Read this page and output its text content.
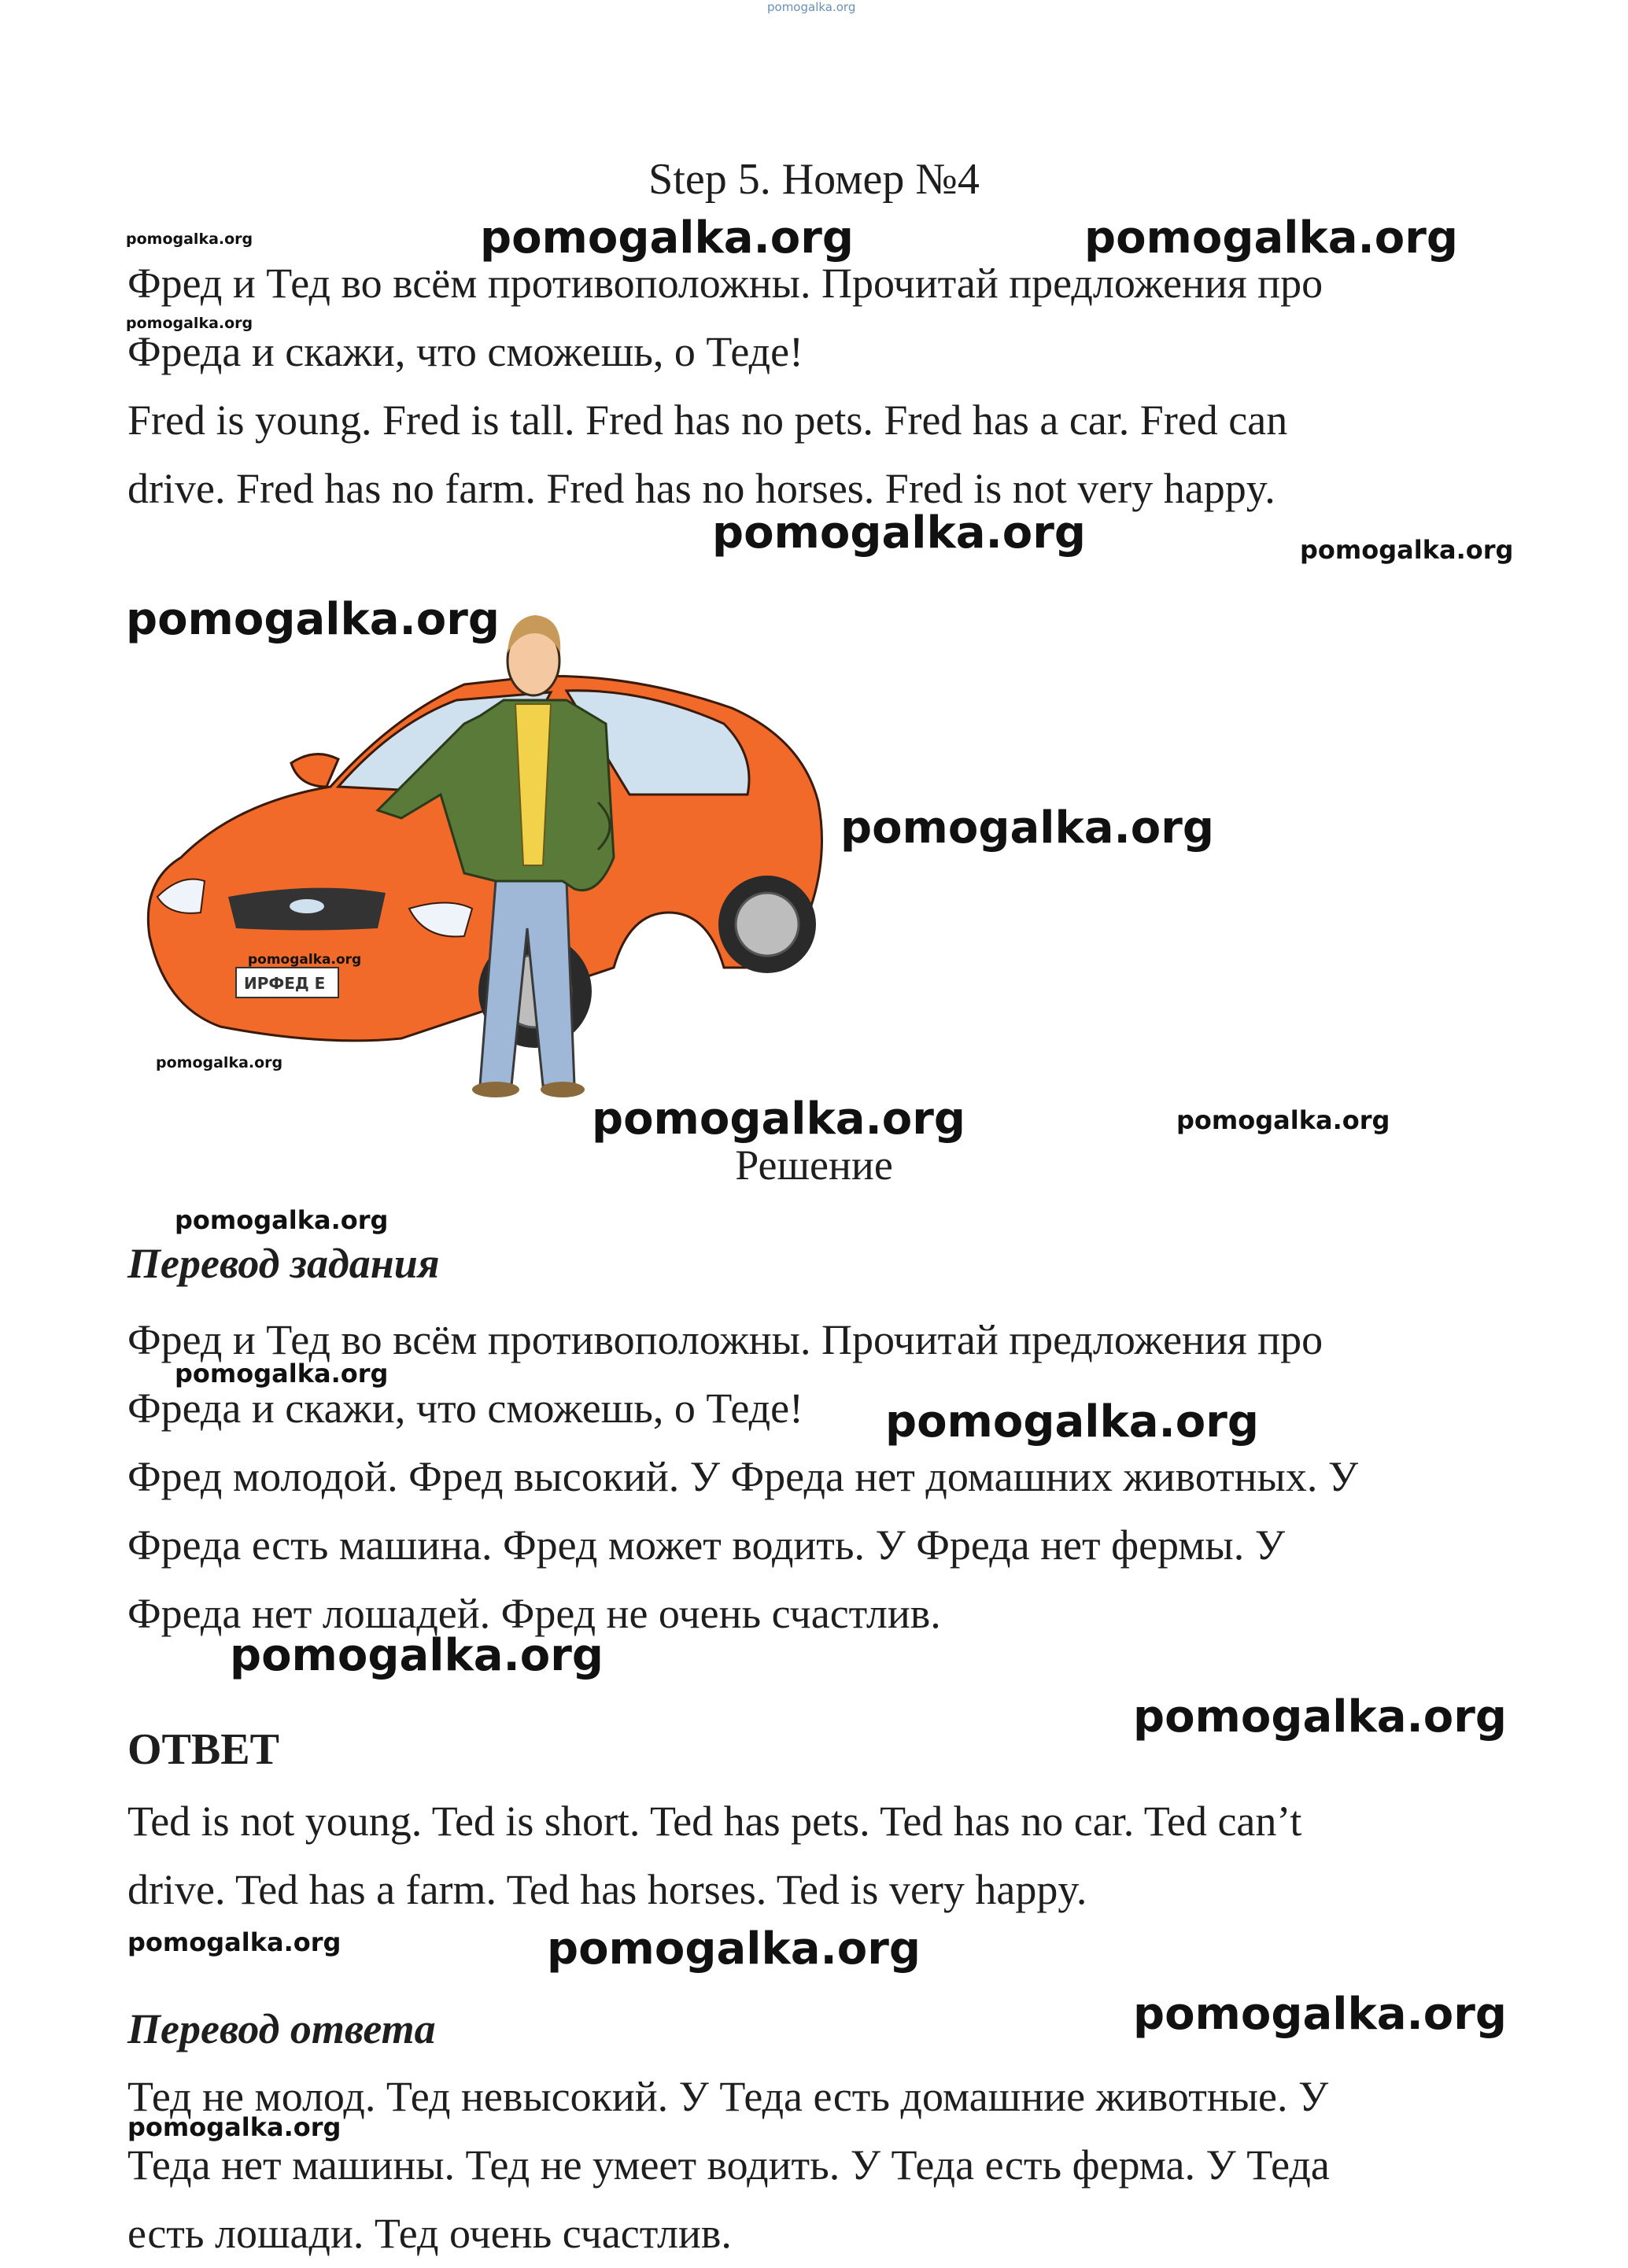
pomogalka.org
Step 5. Номер №4
pomogalka.org	pomogalka.org
pomogalka.org
pomogalka.org
Фред и Тед во всём противоположны. Прочитай предложения про
Фреда и скажи, что сможешь, о Теде!
Fred is young. Fred is tall. Fred has no pets. Fred has a car. Fred can
drive. Fred has no farm. Fred has no horses. Fred is not very happy.
pomogalka.org	pomogalka.org
ИРФЕД Е
pomogalka.org
pomogalka.org
pomogalka.org
pomogalka.org
pomogalka.org	pomogalka.org
Решение
pomogalka.org
Перевод задания
pomogalka.org
Фред и Тед во всём противоположны. Прочитай предложения про
Фреда и скажи, что сможешь, о Теде!
Фред молодой. Фред высокий. У Фреда нет домашних животных. У
Фреда есть машина. Фред может водить. У Фреда нет фермы. У
Фреда нет лошадей. Фред не очень счастлив.
pomogalka.org
pomogalka.org
pomogalka.org
ОТВЕТ
Ted is not young. Ted is short. Ted has pets. Ted has no car. Ted can’t
drive. Ted has a farm. Ted has horses. Ted is very happy.
pomogalka.org	pomogalka.org
Перевод ответа	pomogalka.org
Тед не молод. Тед невысокий. У Теда есть домашние животные. У
Теда нет машины. Тед не умеет водить. У Теда есть ферма. У Теда
есть лошади. Тед очень счастлив.
pomogalka.org
